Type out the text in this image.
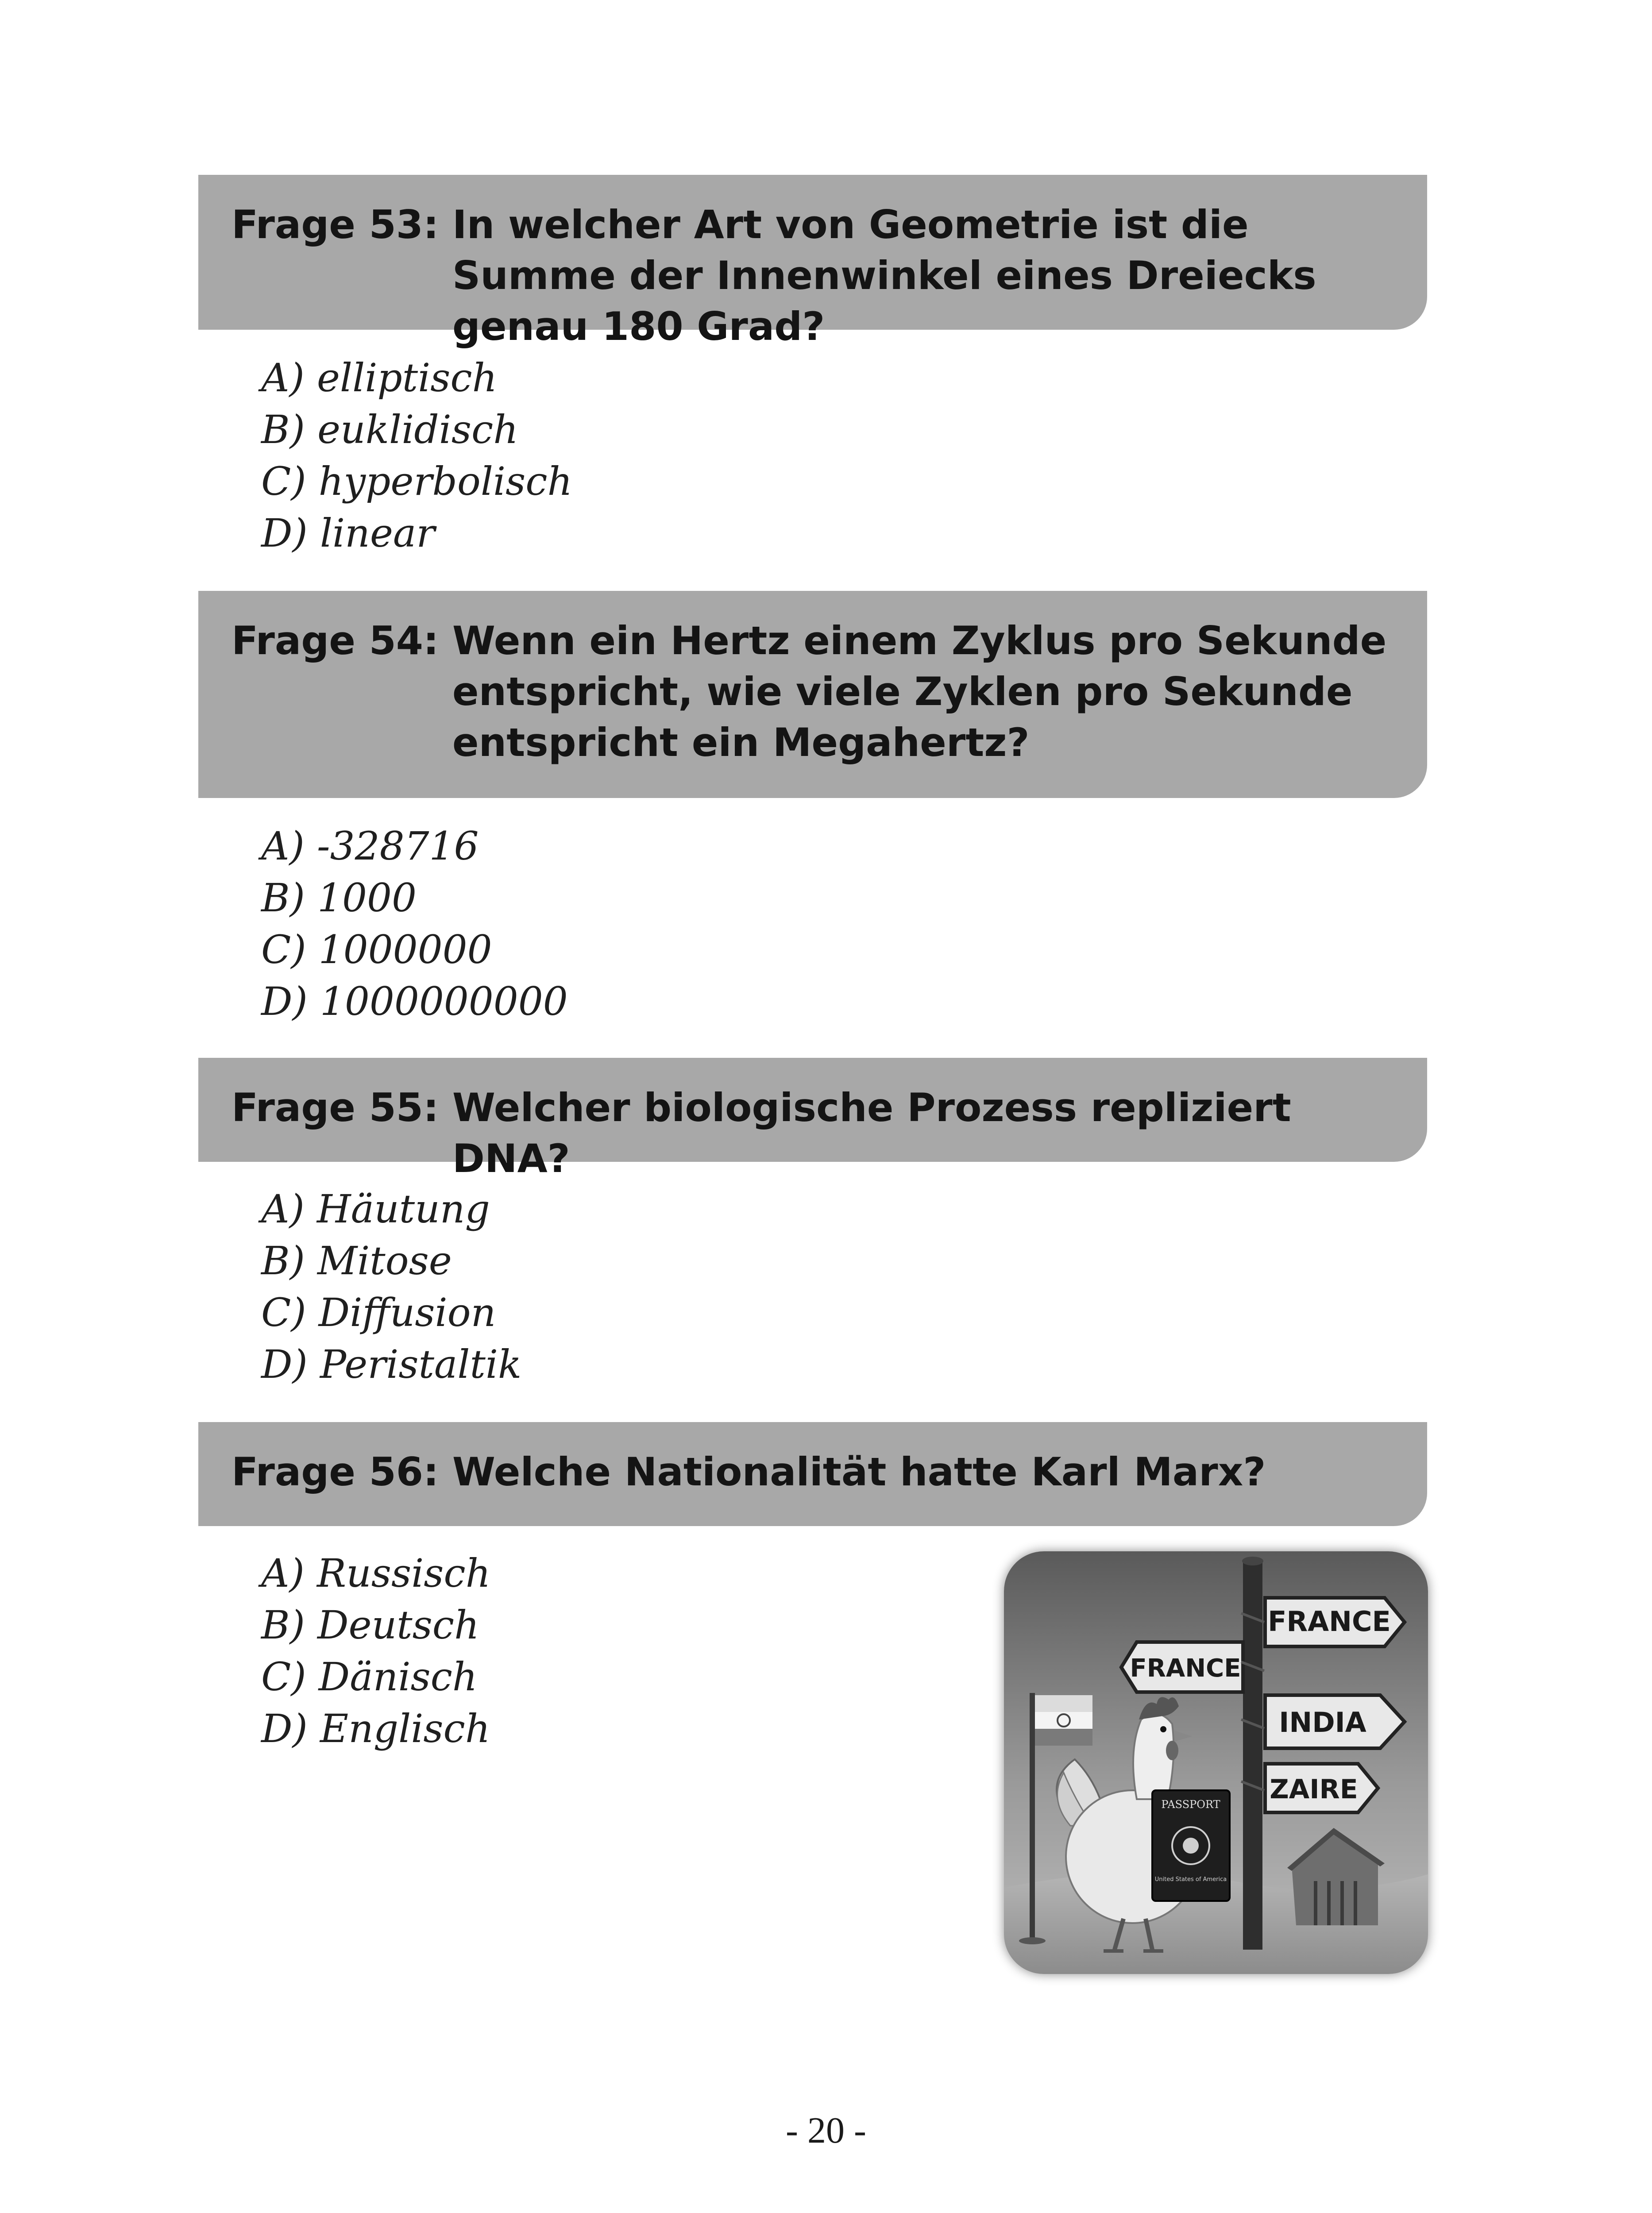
Frage 53: In welcher Art von Geometrie ist die Summe der Innenwinkel eines Dreiecks genau 180 Grad?
A) elliptisch
B) euklidisch
C) hyperbolisch
D) linear
Frage 54: Wenn ein Hertz einem Zyklus pro Sekunde entspricht, wie viele Zyklen pro Sekunde entspricht ein Megahertz?
A) -328716
B) 1000
C) 1000000
D) 1000000000
Frage 55: Welcher biologische Prozess repliziert DNA?
A) Häutung
B) Mitose
C) Diffusion
D) Peristaltik
Frage 56: Welche Nationalität hatte Karl Marx?
A) Russisch
B) Deutsch
C) Dänisch
D) Englisch
FRANCE
FRANCE
INDIA
ZAIRE
PASSPORT
United States of America
- 20 -
